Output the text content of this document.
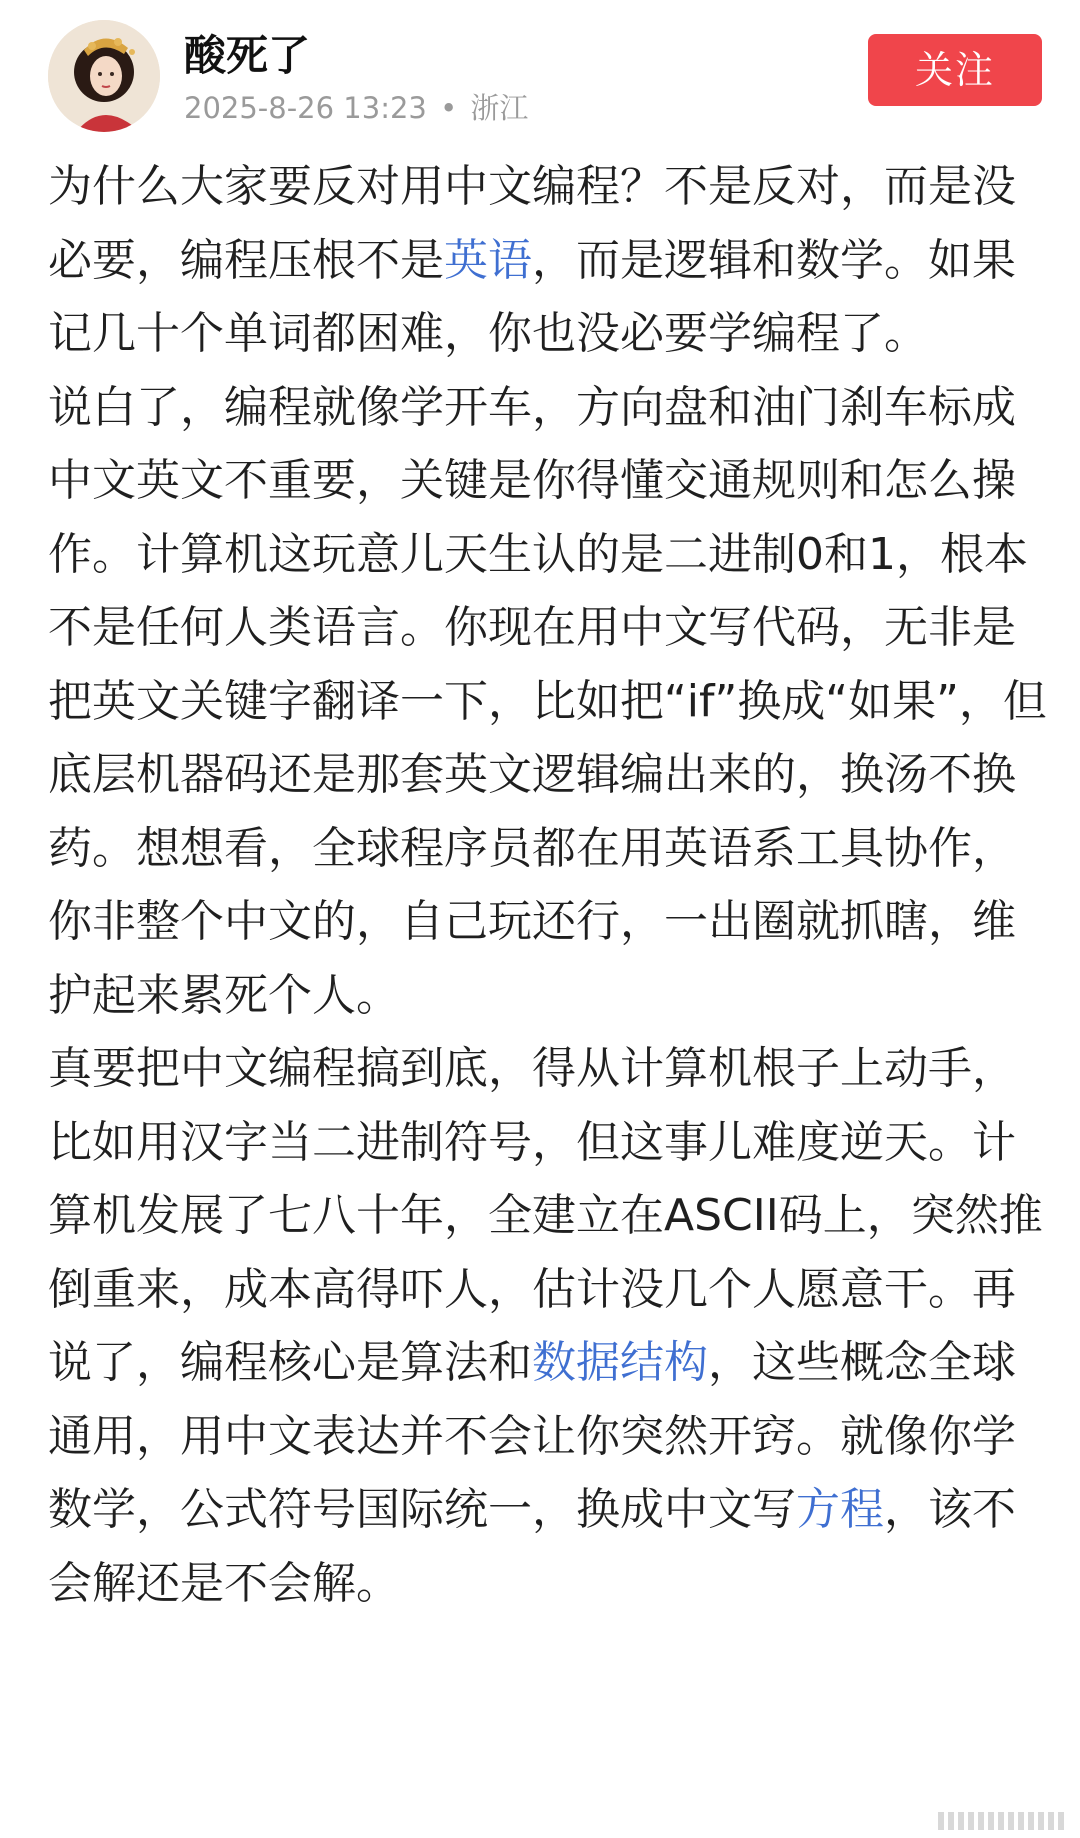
酸死了
2025-8-26 13:23 • 浙江
关注

为什么大家要反对用中文编程？不是反对，而是没必要，编程压根不是英语，而是逻辑和数学。如果记几十个单词都困难，你也没必要学编程了。

说白了，编程就像学开车，方向盘和油门刹车标成中文英文不重要，关键是你得懂交通规则和怎么操作。计算机这玩意儿天生认的是二进制0和1，根本不是任何人类语言。你现在用中文写代码，无非是把英文关键字翻译一下，比如把“if”换成“如果”，但底层机器码还是那套英文逻辑编出来的，换汤不换药。想想看，全球程序员都在用英语系工具协作，你非整个中文的，自己玩还行，一出圈就抓瞎，维护起来累死个人。

真要把中文编程搞到底，得从计算机根子上动手，比如用汉字当二进制符号，但这事儿难度逆天。计算机发展了七八十年，全建立在ASCII码上，突然推倒重来，成本高得吓人，估计没几个人愿意干。再说了，编程核心是算法和数据结构，这些概念全球通用，用中文表达并不会让你突然开窍。就像你学数学，公式符号国际统一，换成中文写方程，该不会解还是不会解。
